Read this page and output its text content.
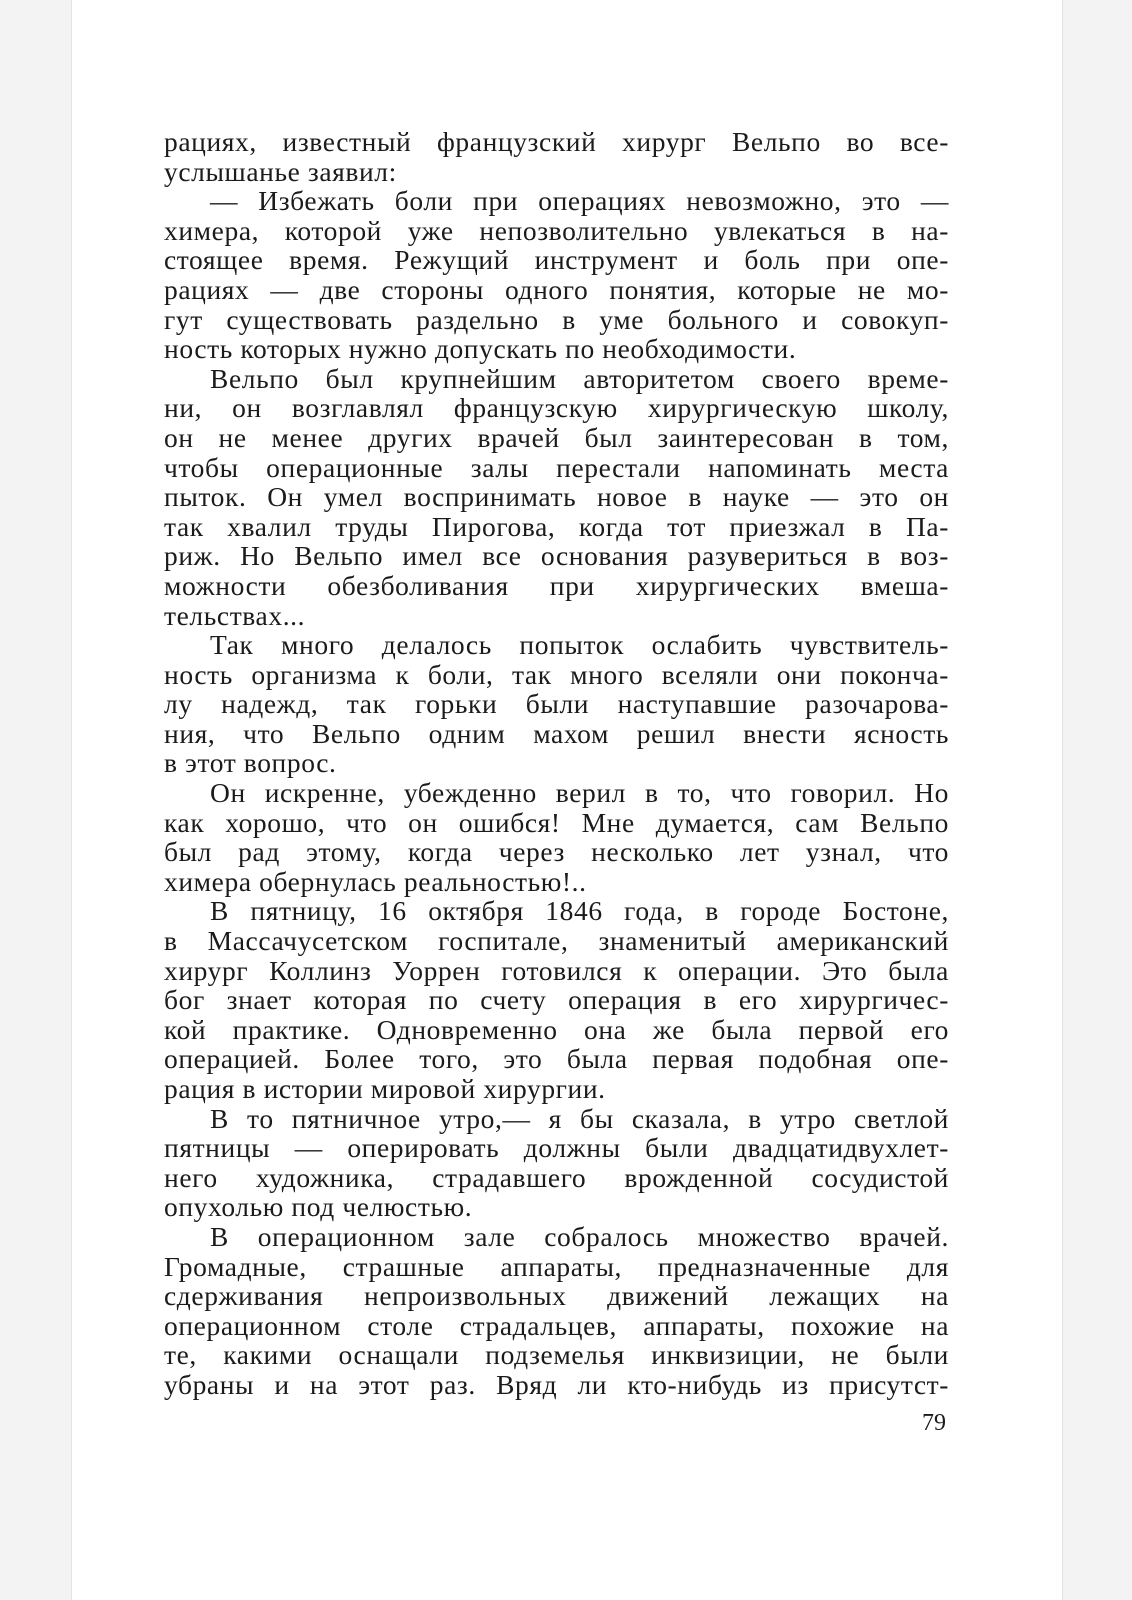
рациях, известный французский хирург Вельпо во все-
услышанье заявил:
— Избежать боли при операциях невозможно, это —
химера, которой уже непозволительно увлекаться в на-
стоящее время. Режущий инструмент и боль при опе-
рациях — две стороны одного понятия, которые не мо-
гут существовать раздельно в уме больного и совокуп-
ность которых нужно допускать по необходимости.
Вельпо был крупнейшим авторитетом своего време-
ни, он возглавлял французскую хирургическую школу,
он не менее других врачей был заинтересован в том,
чтобы операционные залы перестали напоминать места
пыток. Он умел воспринимать новое в науке — это он
так хвалил труды Пирогова, когда тот приезжал в Па-
риж. Но Вельпо имел все основания разувериться в воз-
можности обезболивания при хирургических вмеша-
тельствах...
Так много делалось попыток ослабить чувствитель-
ность организма к боли, так много вселяли они поконча-
лу надежд, так горьки были наступавшие разочарова-
ния, что Вельпо одним махом решил внести ясность
в этот вопрос.
Он искренне, убежденно верил в то, что говорил. Но
как хорошо, что он ошибся! Мне думается, сам Вельпо
был рад этому, когда через несколько лет узнал, что
химера обернулась реальностью!..
В пятницу, 16 октября 1846 года, в городе Бостоне,
в Массачусетском госпитале, знаменитый американский
хирург Коллинз Уоррен готовился к операции. Это была
бог знает которая по счету операция в его хирургичес-
кой практике. Одновременно она же была первой его
операцией. Более того, это была первая подобная опе-
рация в истории мировой хирургии.
В то пятничное утро,— я бы сказала, в утро светлой
пятницы — оперировать должны были двадцатидвухлет-
него художника, страдавшего врожденной сосудистой
опухолью под челюстью.
В операционном зале собралось множество врачей.
Громадные, страшные аппараты, предназначенные для
сдерживания непроизвольных движений лежащих на
операционном столе страдальцев, аппараты, похожие на
те, какими оснащали подземелья инквизиции, не были
убраны и на этот раз. Вряд ли кто-нибудь из присутст-
79
